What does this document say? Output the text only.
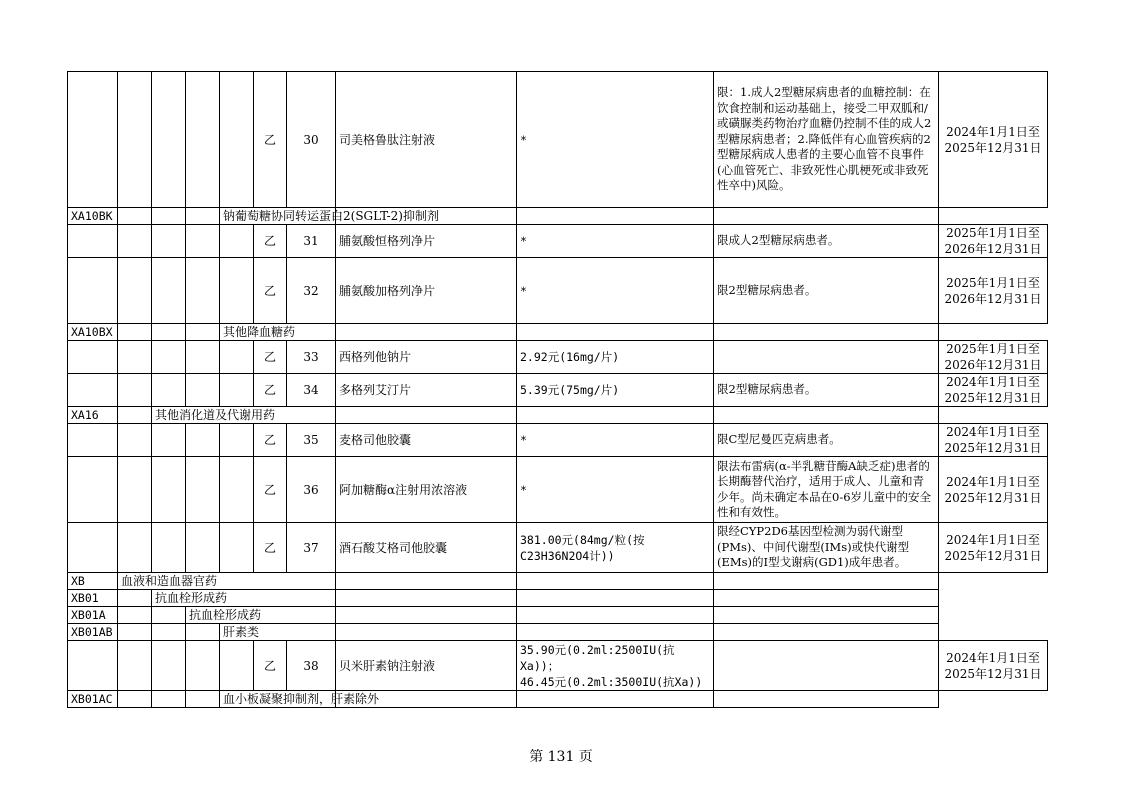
					乙	30	司美格鲁肽注射液	*	限：1.成人2型糖尿病患者的血糖控制：在饮食控制和运动基础上，接受二甲双胍和/或磺脲类药物治疗血糖仍控制不佳的成人2型糖尿病患者；2.降低伴有心血管疾病的2型糖尿病成人患者的主要心血管不良事件(心血管死亡、非致死性心肌梗死或非致死性卒中)风险。	2024年1月1日至2025年12月31日
XA10BK				钠葡萄糖协同转运蛋白2(SGLT-2)抑制剂						
					乙	31	脯氨酸恒格列净片	*	限成人2型糖尿病患者。	2025年1月1日至2026年12月31日
					乙	32	脯氨酸加格列净片	*	限2型糖尿病患者。	2025年1月1日至2026年12月31日
XA10BX				其他降血糖药						
					乙	33	西格列他钠片	2.92元(16mg/片)		2025年1月1日至2026年12月31日
					乙	34	多格列艾汀片	5.39元(75mg/片)	限2型糖尿病患者。	2024年1月1日至2025年12月31日
XA16		其他消化道及代谢用药								
					乙	35	麦格司他胶囊	*	限C型尼曼匹克病患者。	2024年1月1日至2025年12月31日
					乙	36	阿加糖酶α注射用浓溶液	*	限法布雷病(α-半乳糖苷酶A缺乏症)患者的长期酶替代治疗，适用于成人、儿童和青少年。尚未确定本品在0-6岁儿童中的安全性和有效性。	2024年1月1日至2025年12月31日
					乙	37	酒石酸艾格司他胶囊	381.00元(84mg/粒(按C23H36N2O4计))	限经CYP2D6基因型检测为弱代谢型(PMs)、中间代谢型(IMs)或快代谢型(EMs)的Ⅰ型戈谢病(GD1)成年患者。	2024年1月1日至2025年12月31日
XB	血液和造血器官药									
XB01		抗血栓形成药								
XB01A			抗血栓形成药							
XB01AB				肝素类						
					乙	38	贝米肝素钠注射液	35.90元(0.2ml:2500IU(抗Xa))；
46.45元(0.2ml:3500IU(抗Xa))		2024年1月1日至2025年12月31日
XB01AC				血小板凝聚抑制剂，肝素除外						
第 131 页
